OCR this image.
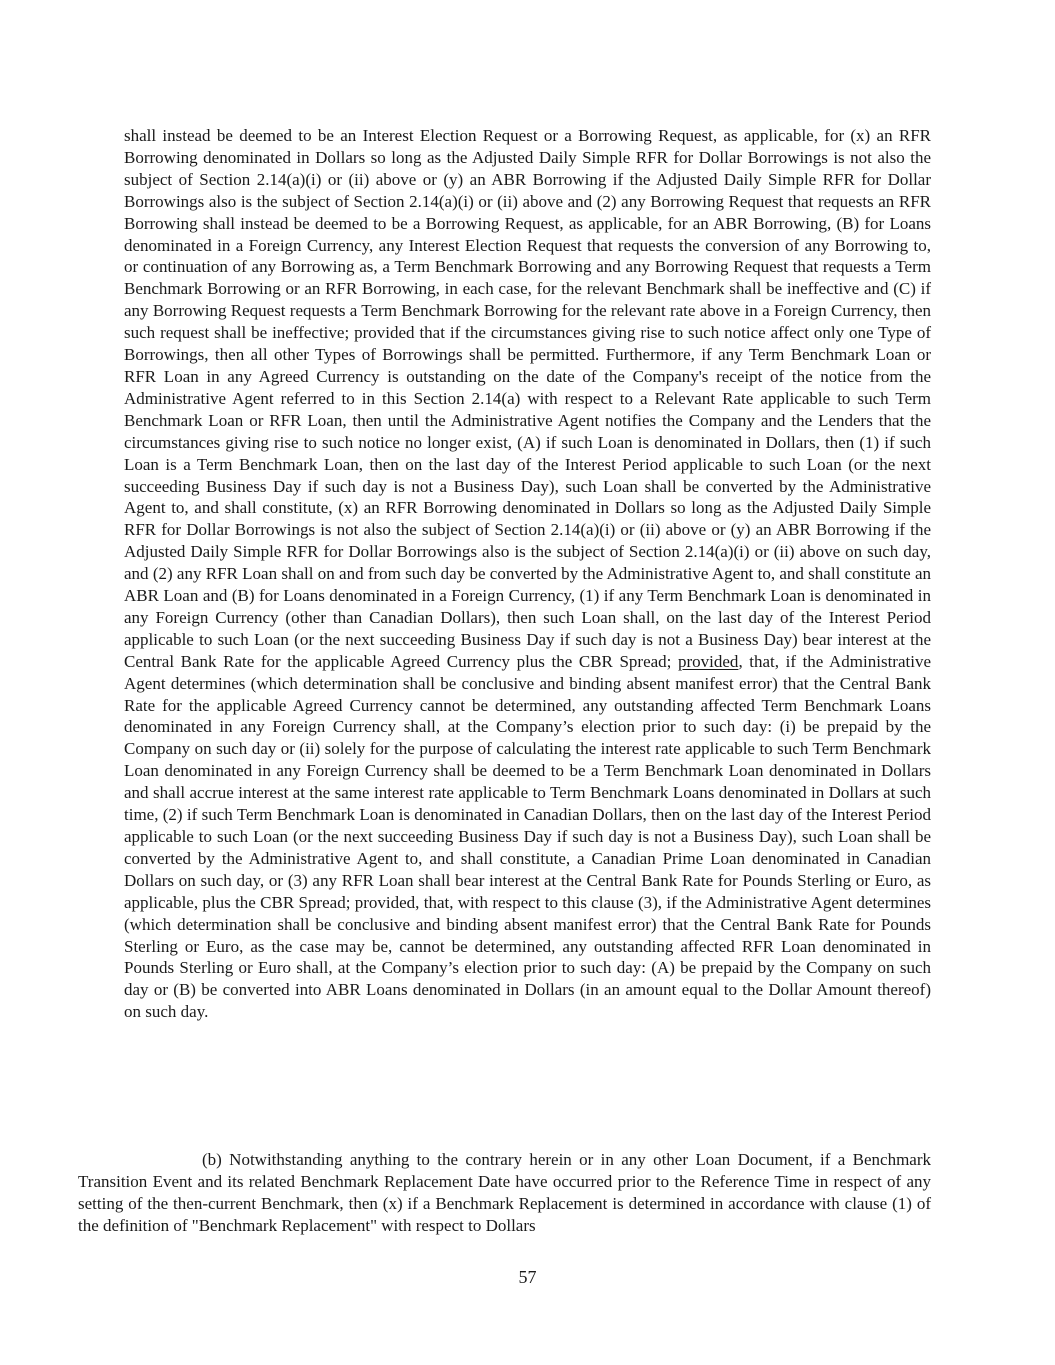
shall instead be deemed to be an Interest Election Request or a Borrowing Request, as applicable, for (x) an RFR Borrowing denominated in Dollars so long as the Adjusted Daily Simple RFR for Dollar Borrowings is not also the subject of Section 2.14(a)(i) or (ii) above or (y) an ABR Borrowing if the Adjusted Daily Simple RFR for Dollar Borrowings also is the subject of Section 2.14(a)(i) or (ii) above and (2) any Borrowing Request that requests an RFR Borrowing shall instead be deemed to be a Borrowing Request, as applicable, for an ABR Borrowing, (B) for Loans denominated in a Foreign Currency, any Interest Election Request that requests the conversion of any Borrowing to, or continuation of any Borrowing as, a Term Benchmark Borrowing and any Borrowing Request that requests a Term Benchmark Borrowing or an RFR Borrowing, in each case, for the relevant Benchmark shall be ineffective and (C) if any Borrowing Request requests a Term Benchmark Borrowing for the relevant rate above in a Foreign Currency, then such request shall be ineffective; provided that if the circumstances giving rise to such notice affect only one Type of Borrowings, then all other Types of Borrowings shall be permitted. Furthermore, if any Term Benchmark Loan or RFR Loan in any Agreed Currency is outstanding on the date of the Company's receipt of the notice from the Administrative Agent referred to in this Section 2.14(a) with respect to a Relevant Rate applicable to such Term Benchmark Loan or RFR Loan, then until the Administrative Agent notifies the Company and the Lenders that the circumstances giving rise to such notice no longer exist, (A) if such Loan is denominated in Dollars, then (1) if such Loan is a Term Benchmark Loan, then on the last day of the Interest Period applicable to such Loan (or the next succeeding Business Day if such day is not a Business Day), such Loan shall be converted by the Administrative Agent to, and shall constitute, (x) an RFR Borrowing denominated in Dollars so long as the Adjusted Daily Simple RFR for Dollar Borrowings is not also the subject of Section 2.14(a)(i) or (ii) above or (y) an ABR Borrowing if the Adjusted Daily Simple RFR for Dollar Borrowings also is the subject of Section 2.14(a)(i) or (ii) above on such day, and (2) any RFR Loan shall on and from such day be converted by the Administrative Agent to, and shall constitute an ABR Loan and (B) for Loans denominated in a Foreign Currency, (1) if any Term Benchmark Loan is denominated in any Foreign Currency (other than Canadian Dollars), then such Loan shall, on the last day of the Interest Period applicable to such Loan (or the next succeeding Business Day if such day is not a Business Day) bear interest at the Central Bank Rate for the applicable Agreed Currency plus the CBR Spread; provided, that, if the Administrative Agent determines (which determination shall be conclusive and binding absent manifest error) that the Central Bank Rate for the applicable Agreed Currency cannot be determined, any outstanding affected Term Benchmark Loans denominated in any Foreign Currency shall, at the Company’s election prior to such day: (i) be prepaid by the Company on such day or (ii) solely for the purpose of calculating the interest rate applicable to such Term Benchmark Loan denominated in any Foreign Currency shall be deemed to be a Term Benchmark Loan denominated in Dollars and shall accrue interest at the same interest rate applicable to Term Benchmark Loans denominated in Dollars at such time, (2) if such Term Benchmark Loan is denominated in Canadian Dollars, then on the last day of the Interest Period applicable to such Loan (or the next succeeding Business Day if such day is not a Business Day), such Loan shall be converted by the Administrative Agent to, and shall constitute, a Canadian Prime Loan denominated in Canadian Dollars on such day, or (3) any RFR Loan shall bear interest at the Central Bank Rate for Pounds Sterling or Euro, as applicable, plus the CBR Spread; provided, that, with respect to this clause (3), if the Administrative Agent determines (which determination shall be conclusive and binding absent manifest error) that the Central Bank Rate for Pounds Sterling or Euro, as the case may be, cannot be determined, any outstanding affected RFR Loan denominated in Pounds Sterling or Euro shall, at the Company’s election prior to such day: (A) be prepaid by the Company on such day or (B) be converted into ABR Loans denominated in Dollars (in an amount equal to the Dollar Amount thereof) on such day.

(b) Notwithstanding anything to the contrary herein or in any other Loan Document, if a Benchmark Transition Event and its related Benchmark Replacement Date have occurred prior to the Reference Time in respect of any setting of the then-current Benchmark, then (x) if a Benchmark Replacement is determined in accordance with clause (1) of the definition of "Benchmark Replacement" with respect to Dollars

57
